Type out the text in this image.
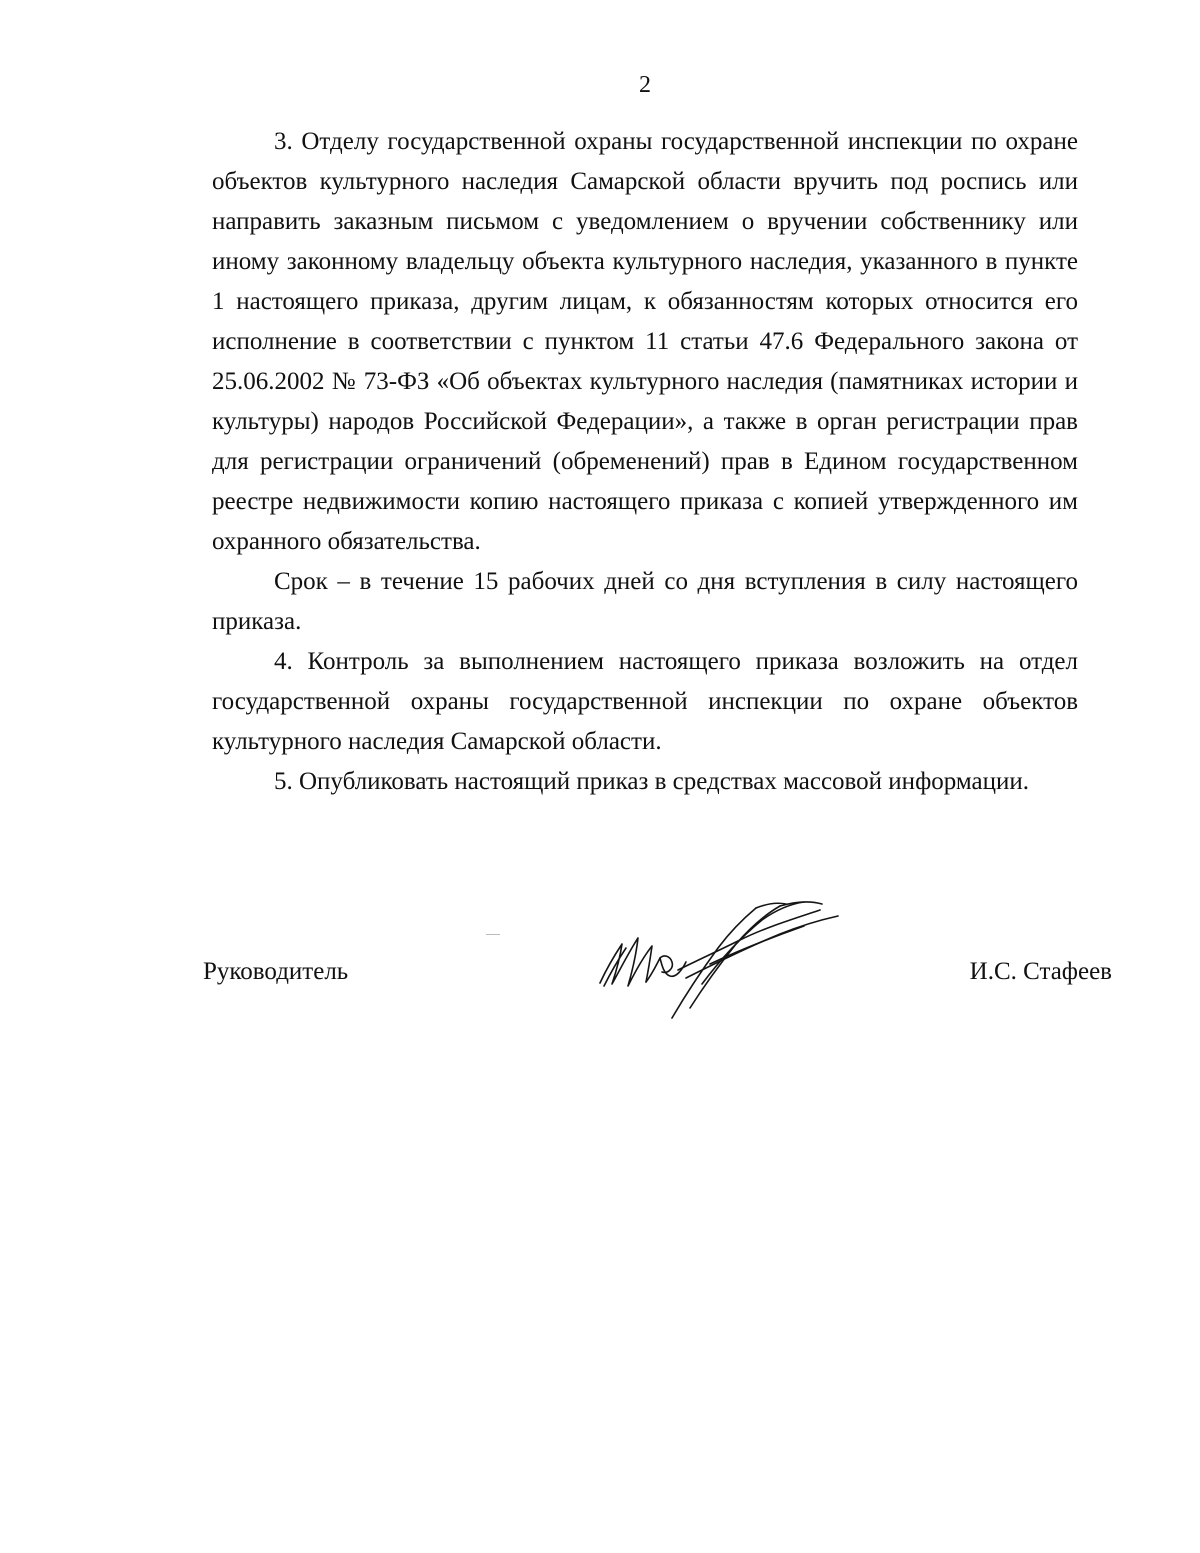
2

3. Отделу государственной охраны государственной инспекции по охране объектов культурного наследия Самарской области вручить под роспись или направить заказным письмом с уведомлением о вручении собственнику или иному законному владельцу объекта культурного наследия, указанного в пункте 1 настоящего приказа, другим лицам, к обязанностям которых относится его исполнение в соответствии с пунктом 11 статьи 47.6 Федерального закона от 25.06.2002 № 73-ФЗ «Об объектах культурного наследия (памятниках истории и культуры) народов Российской Федерации», а также в орган регистрации прав для регистрации ограничений (обременений) прав в Едином государственном реестре недвижимости копию настоящего приказа с копией утвержденного им охранного обязательства.

Срок – в течение 15 рабочих дней со дня вступления в силу настоящего приказа.

4. Контроль за выполнением настоящего приказа возложить на отдел государственной охраны государственной инспекции по охране объектов культурного наследия Самарской области.

5. Опубликовать настоящий приказ в средствах массовой информации.

Руководитель	И.С. Стафеев
